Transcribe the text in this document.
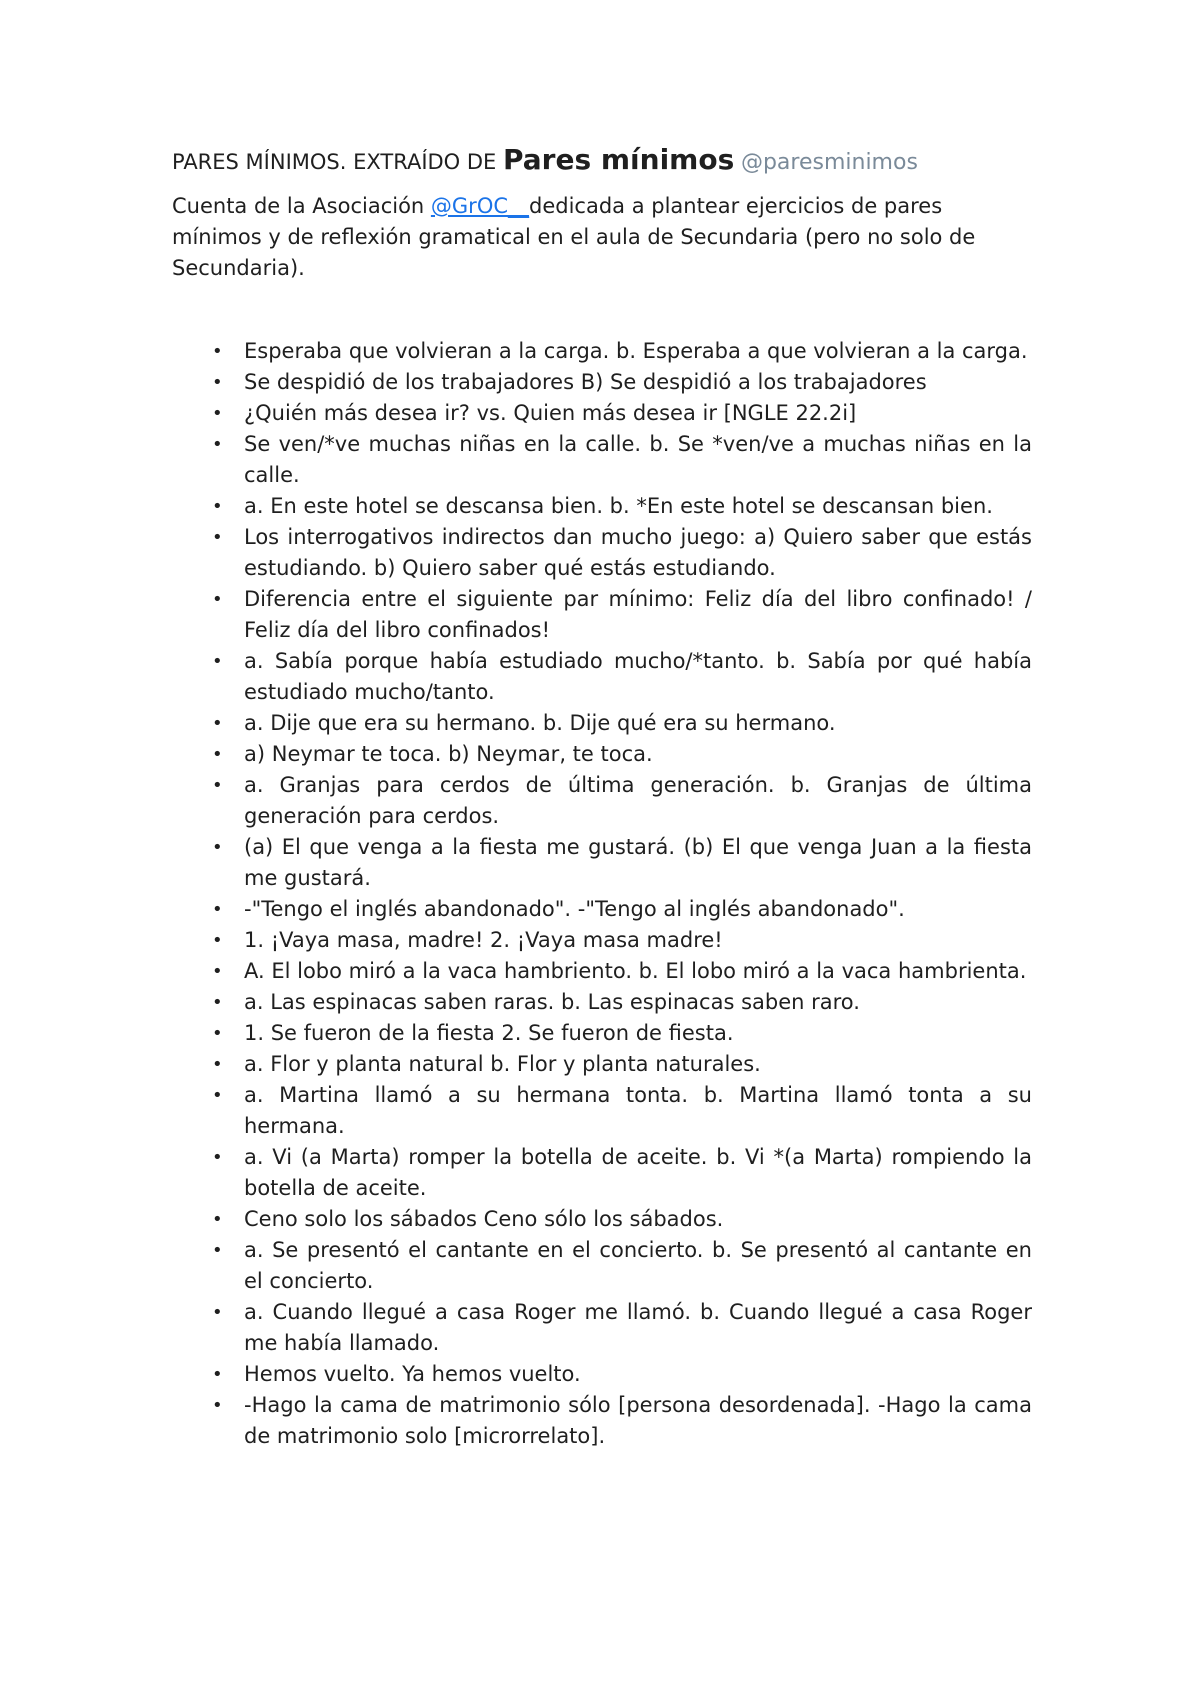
PARES MÍNIMOS. EXTRAÍDO DE Pares mínimos @paresminimos

Cuenta de la Asociación @GrOC__dedicada a plantear ejercicios de pares mínimos y de reflexión gramatical en el aula de Secundaria (pero no solo de Secundaria).

• Esperaba que volvieran a la carga. b. Esperaba a que volvieran a la carga.
• Se despidió de los trabajadores B) Se despidió a los trabajadores
• ¿Quién más desea ir? vs. Quien más desea ir [NGLE 22.2i]
• Se ven/*ve muchas niñas en la calle. b. Se *ven/ve a muchas niñas en la calle.
• a. En este hotel se descansa bien. b. *En este hotel se descansan bien.
• Los interrogativos indirectos dan mucho juego: a) Quiero saber que estás estudiando. b) Quiero saber qué estás estudiando.
• Diferencia entre el siguiente par mínimo: Feliz día del libro confinado! / Feliz día del libro confinados!
• a. Sabía porque había estudiado mucho/*tanto. b. Sabía por qué había estudiado mucho/tanto.
• a. Dije que era su hermano. b. Dije qué era su hermano.
• a) Neymar te toca. b) Neymar, te toca.
• a. Granjas para cerdos de última generación. b. Granjas de última generación para cerdos.
• (a) El que venga a la fiesta me gustará. (b) El que venga Juan a la fiesta me gustará.
• -"Tengo el inglés abandonado". -"Tengo al inglés abandonado".
• 1. ¡Vaya masa, madre! 2. ¡Vaya masa madre!
• A. El lobo miró a la vaca hambriento. b. El lobo miró a la vaca hambrienta.
• a. Las espinacas saben raras. b. Las espinacas saben raro.
• 1. Se fueron de la fiesta 2. Se fueron de fiesta.
• a. Flor y planta natural b. Flor y planta naturales.
• a. Martina llamó a su hermana tonta. b. Martina llamó tonta a su hermana.
• a. Vi (a Marta) romper la botella de aceite. b. Vi *(a Marta) rompiendo la botella de aceite.
• Ceno solo los sábados Ceno sólo los sábados.
• a. Se presentó el cantante en el concierto. b. Se presentó al cantante en el concierto.
• a. Cuando llegué a casa Roger me llamó. b. Cuando llegué a casa Roger me había llamado.
• Hemos vuelto. Ya hemos vuelto.
• -Hago la cama de matrimonio sólo [persona desordenada]. -Hago la cama de matrimonio solo [microrrelato].
